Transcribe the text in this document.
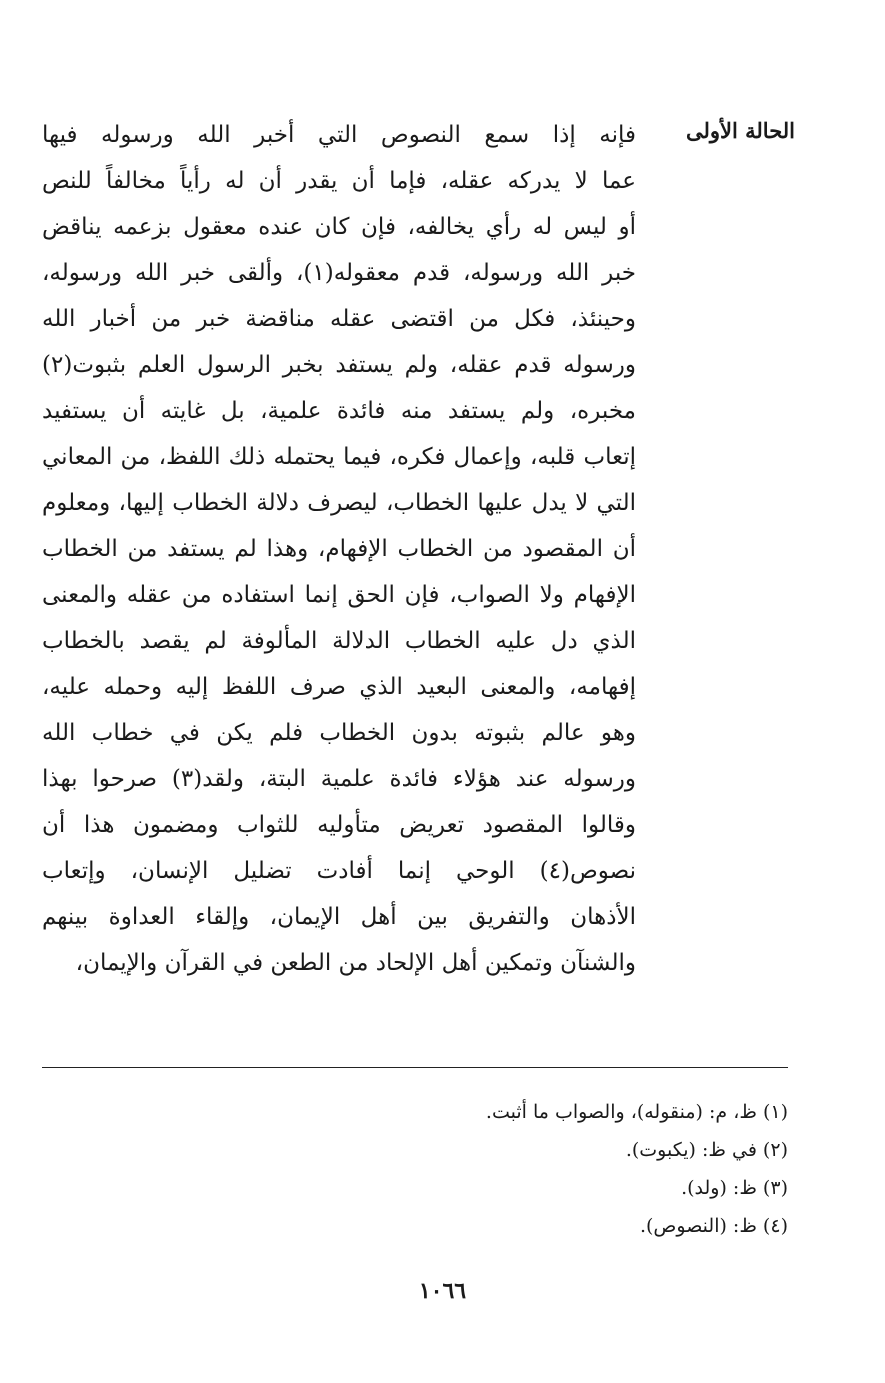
الحالة الأولى
فإنه إذا سمع النصوص التي أخبر الله ورسوله فيها
عما لا يدركه عقله، فإما أن يقدر أن له رأياً مخالفاً للنص
أو ليس له رأي يخالفه، فإن كان عنده معقول بزعمه يناقض
خبر الله ورسوله، قدم معقوله(١)، وألقى خبر الله ورسوله،
وحينئذ، فكل من اقتضى عقله مناقضة خبر من أخبار الله
ورسوله قدم عقله، ولم يستفد بخبر الرسول العلم بثبوت(٢)
مخبره، ولم يستفد منه فائدة علمية، بل غايته أن يستفيد
إتعاب قلبه، وإعمال فكره، فيما يحتمله ذلك اللفظ، من المعاني
التي لا يدل عليها الخطاب، ليصرف دلالة الخطاب إليها، ومعلوم
أن المقصود من الخطاب الإفهام، وهذا لم يستفد من الخطاب
الإفهام ولا الصواب، فإن الحق إنما استفاده من عقله والمعنى
الذي دل عليه الخطاب الدلالة المألوفة لم يقصد بالخطاب
إفهامه، والمعنى البعيد الذي صرف اللفظ إليه وحمله عليه،
وهو عالم بثبوته بدون الخطاب فلم يكن في خطاب الله
ورسوله عند هؤلاء فائدة علمية البتة، ولقد(٣) صرحوا بهذا
وقالوا المقصود تعريض متأوليه للثواب ومضمون هذا أن
نصوص(٤) الوحي إنما أفادت تضليل الإنسان، وإتعاب
الأذهان والتفريق بين أهل الإيمان، وإلقاء العداوة بينهم
والشنآن وتمكين أهل الإلحاد من الطعن في القرآن والإيمان،
(١) ظ، م: (منقوله)، والصواب ما أثبت.
(٢) في ظ: (يكبوت).
(٣) ظ: (ولد).
(٤) ظ: (النصوص).
١٠٦٦
